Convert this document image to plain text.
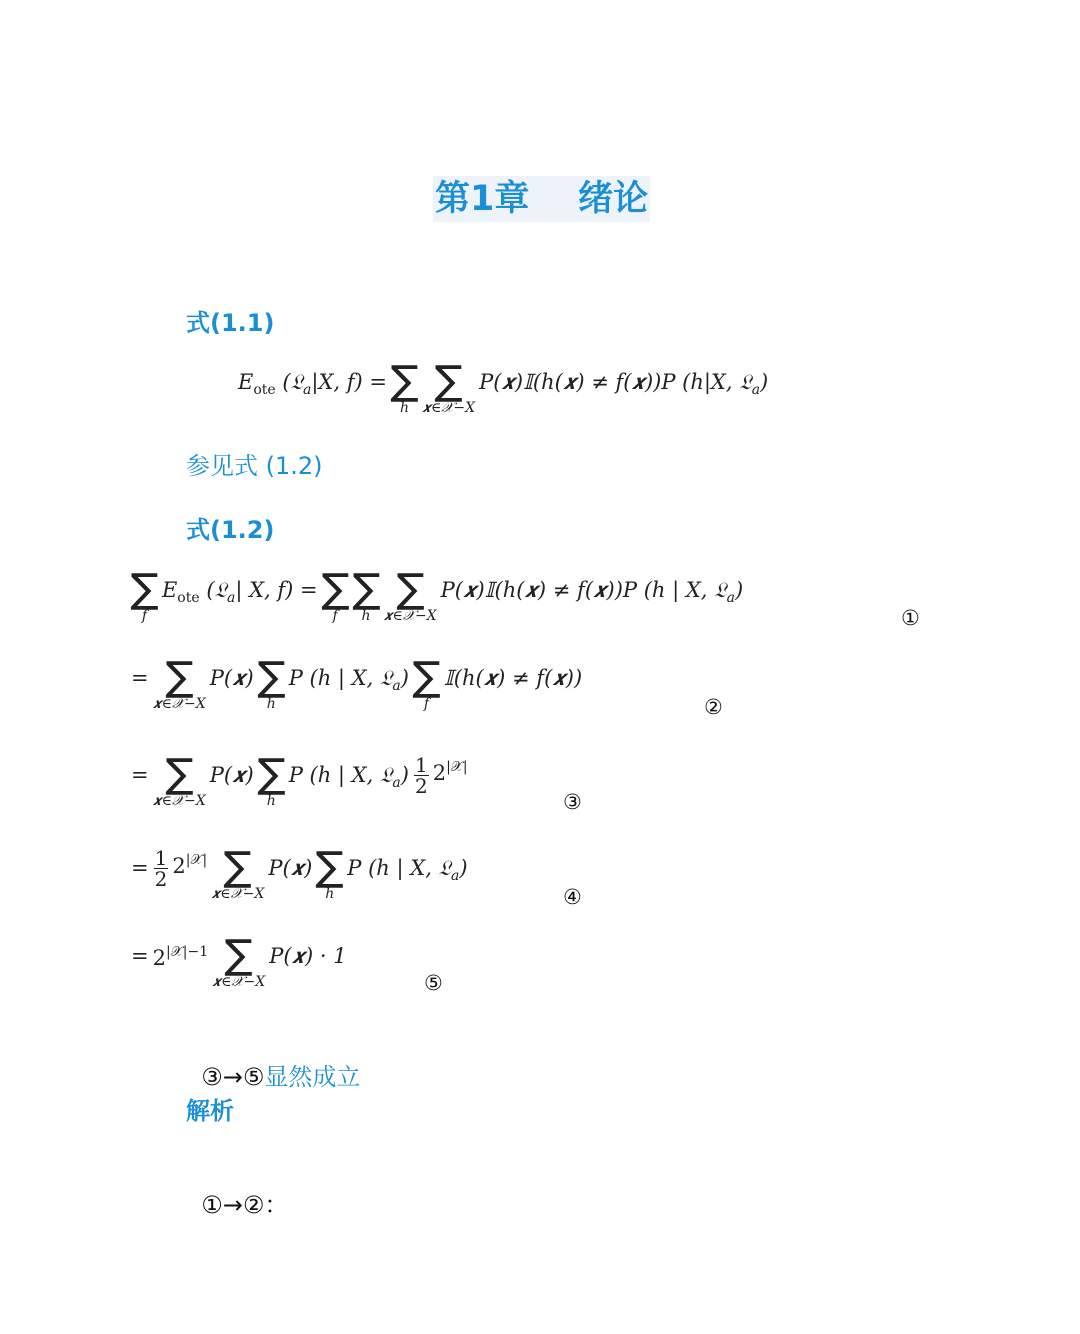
第1章    绪论
式(1.1)
$E_{ote}$ (𝔏$_a$|X, f) = ∑
h
∑
𝒙∈𝒳−X
P(𝒙)𝕀(h(𝒙) ≠ f(𝒙))P (h|X, 𝔏$_a$)
参见式 (1.2)
式(1.2)
∑
f
$E_{ote}$ (𝔏$_a$| X, f) = ∑
f
∑
h
∑
𝒙∈𝒳−X
P(𝒙)𝕀(h(𝒙) ≠ f(𝒙))P (h | X, 𝔏$_a$)
①
= ∑
𝒙∈𝒳−X
P(𝒙) ∑
h
P (h | X, 𝔏$_a$) ∑
f
𝕀(h(𝒙) ≠ f(𝒙))
②
= ∑
𝒙∈𝒳−X
P(𝒙) ∑
h
P (h | X, 𝔏$_a$) $\frac{1}{2} 2^{|𝒳|}$
③
= $\frac{1}{2} 2^{|𝒳|}$ ∑
𝒙∈𝒳−X
P(𝒙) ∑
h
P (h | X, 𝔏$_a$)
④
= $2^{|𝒳|-1}$ ∑
𝒙∈𝒳−X
P(𝒙) · 1
⑤

③→⑤显然成立

解析

①→②：
